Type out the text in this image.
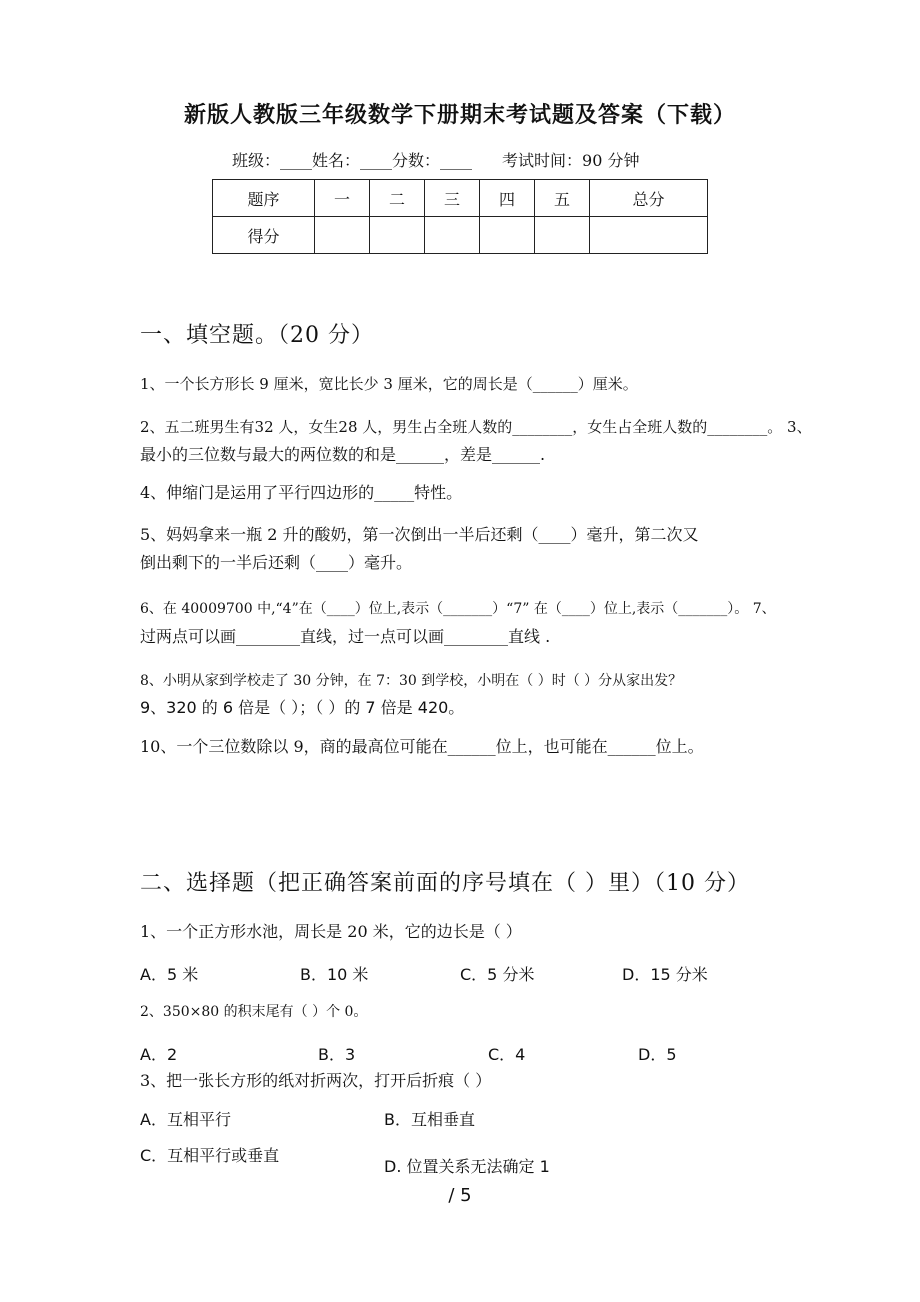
新版人教版三年级数学下册期末考试题及答案（下载）
班级：____姓名：____分数：____ 考试时间：90 分钟
题序	一	二	三	四	五	总分
得分						
一、填空题。（20 分）
1、一个长方形长 9 厘米，宽比长少 3 厘米，它的周长是（______）厘米。
2、五二班男生有32 人，女生28 人，男生占全班人数的________，女生占全班人数的________。 3、
最小的三位数与最大的两位数的和是______，差是______.
4、伸缩门是运用了平行四边形的_____特性。
5、妈妈拿来一瓶 2 升的酸奶，第一次倒出一半后还剩（____）毫升，第二次又
倒出剩下的一半后还剩（____）毫升。
6、在 40009700 中,“4”在（____）位上,表示（_______）“7” 在（____）位上,表示（_______）。 7、
过两点可以画________直线，过一点可以画________直线 .
8、小明从家到学校走了 30 分钟，在 7：30 到学校，小明在（ ）时（ ）分从家出发？
9、320 的 6 倍是（ ）；（ ）的 7 倍是 420。
10、一个三位数除以 9，商的最高位可能在______位上，也可能在______位上。
二、选择题（把正确答案前面的序号填在（ ）里）（10 分）
1、一个正方形水池，周长是 20 米，它的边长是（ ）
A．5 米	B．10 米	C．5 分米	D．15 分米
2、350×80 的积末尾有（ ）个 0。
A．2	B．3	C．4	D．5
3、把一张长方形的纸对折两次，打开后折痕（ ）
A．互相平行	B．互相垂直
C．互相平行或垂直
D. 位置关系无法确定 1
/ 5
